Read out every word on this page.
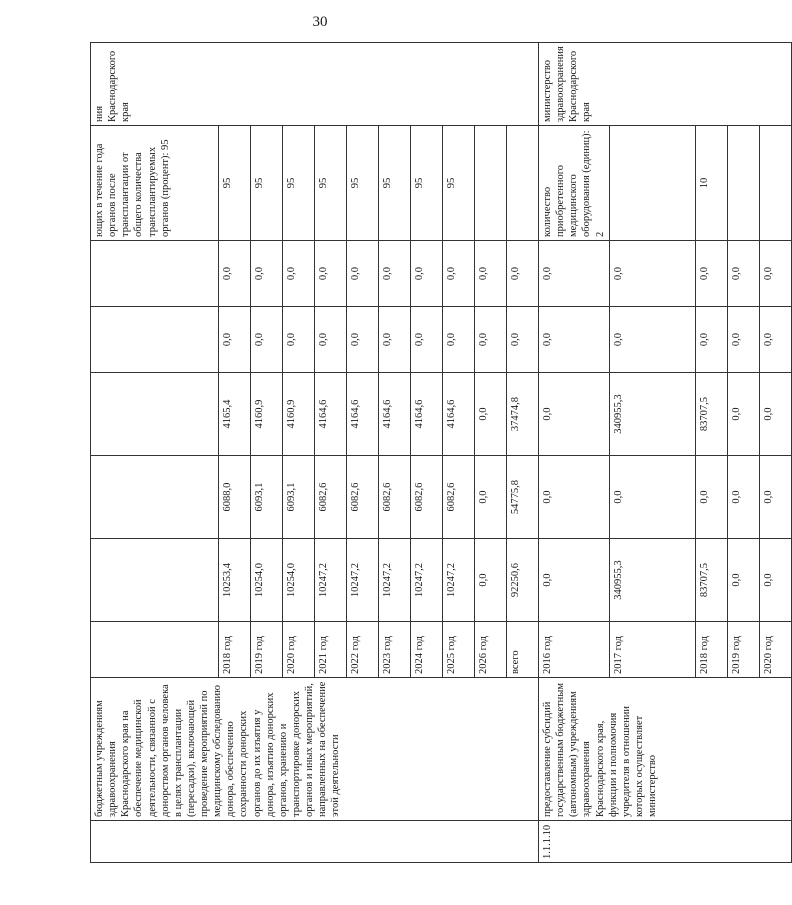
30
	бюджетным учреждениям здравоохранения Краснодарского края на обеспечение медицинской деятельности, связанной с донорством органов человека в целях трансплантации (пересадки), включающей проведение мероприятий по медицинскому обследованию донора, обеспечению сохранности донорских органов до их изъятия у донора, изъятию донорских органов, хранению и транспортировке донорских органов и иных мероприятий, направленных на обеспечение этой деятельности							ющих в течение года органов после трансплантации от общего количества трансплантируемых органов (процент): 95	ния Краснодарского края
		2018 год	10253,4	6088,0	4165,4	0,0	0,0	95	
		2019 год	10254,0	6093,1	4160,9	0,0	0,0	95	
		2020 год	10254,0	6093,1	4160,9	0,0	0,0	95	
		2021 год	10247,2	6082,6	4164,6	0,0	0,0	95	
		2022 год	10247,2	6082,6	4164,6	0,0	0,0	95	
		2023 год	10247,2	6082,6	4164,6	0,0	0,0	95	
		2024 год	10247,2	6082,6	4164,6	0,0	0,0	95	
		2025 год	10247,2	6082,6	4164,6	0,0	0,0	95	
		2026 год	0,0	0,0	0,0	0,0	0,0		
		всего	92250,6	54775,8	37474,8	0,0	0,0		
1.1.1.10	предоставление субсидий государственным бюджетным (автономным) учреждениям здравоохранения Краснодарского края, функции и полномочия учредителя в отношении которых осуществляет министерство	2016 год	0,0	0,0	0,0	0,0	0,0	количество приобретенного медицинского оборудования (единиц): 2	министерство здравоохранения Краснодарского края
		2017 год	340955,3	0,0	340955,3	0,0	0,0		
		2018 год	83707,5	0,0	83707,5	0,0	0,0	10	
		2019 год	0,0	0,0	0,0	0,0	0,0		
		2020 год	0,0	0,0	0,0	0,0	0,0		
